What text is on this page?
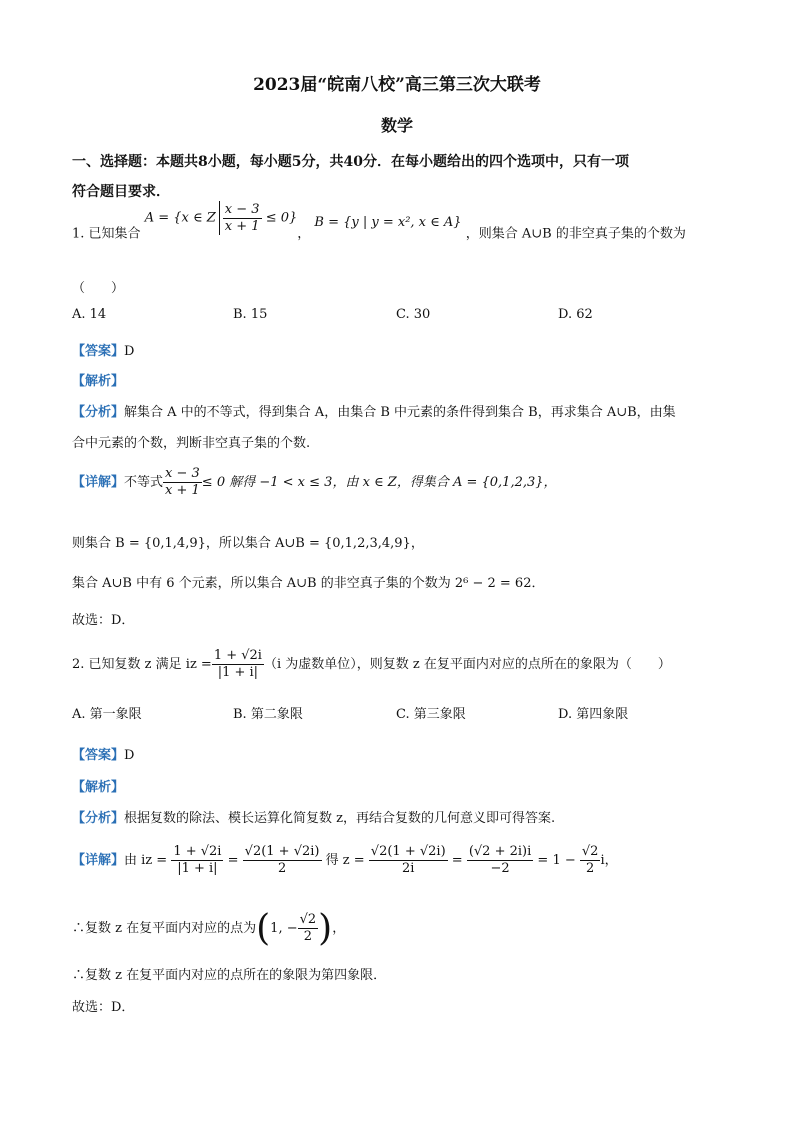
2023届“皖南八校”高三第三次大联考
数学
一、选择题：本题共8小题，每小题5分，共40分．在每小题给出的四个选项中，只有一项
符合题目要求．
1. 已知集合 A = {x ∈ Z $\frac{x - 3}{x + 1} \le 0$}， B = {y | y = x², x ∈ A} ，则集合 A∪B 的非空真子集的个数为
（　　）
A. 14	B. 15	C. 30	D. 62
【答案】D
【解析】
【分析】解集合 A 中的不等式，得到集合 A，由集合 B 中元素的条件得到集合 B，再求集合 A∪B，由集
合中元素的个数，判断非空真子集的个数.
【详解】不等式 $\frac{x - 3}{x + 1} \le 0$ 解得 −1 < x ≤ 3，由 x ∈ Z，得集合 A = {0,1,2,3}，
则集合 B = {0,1,4,9}，所以集合 A∪B = {0,1,2,3,4,9}，
集合 A∪B 中有 6 个元素，所以集合 A∪B 的非空真子集的个数为 2⁶ − 2 = 62．
故选：D．
2. 已知复数 z 满足 iz = $\frac{1 + √2i}{|1 + i|} (i$ 为虚数单位），则复数 z 在复平面内对应的点所在的象限为（　　）
A. 第一象限	B. 第二象限	C. 第三象限	D. 第四象限
【答案】D
【解析】
【分析】根据复数的除法、模长运算化简复数 z，再结合复数的几何意义即可得答案.
【详解】由 iz = $\frac{1 + √2i}{|1 + i|} = \frac{√2(1 + √2i)}{2}$ 得 $z = \frac{√2(1 + √2i)}{2i} = \frac{(√2 + 2i)i}{-2} = 1 - \frac{√2}{2}$ i，
∴复数 z 在复平面内对应的点为(1, − $\frac{√2}{2}$ )，
∴复数 z 在复平面内对应的点所在的象限为第四象限．
故选：D．
